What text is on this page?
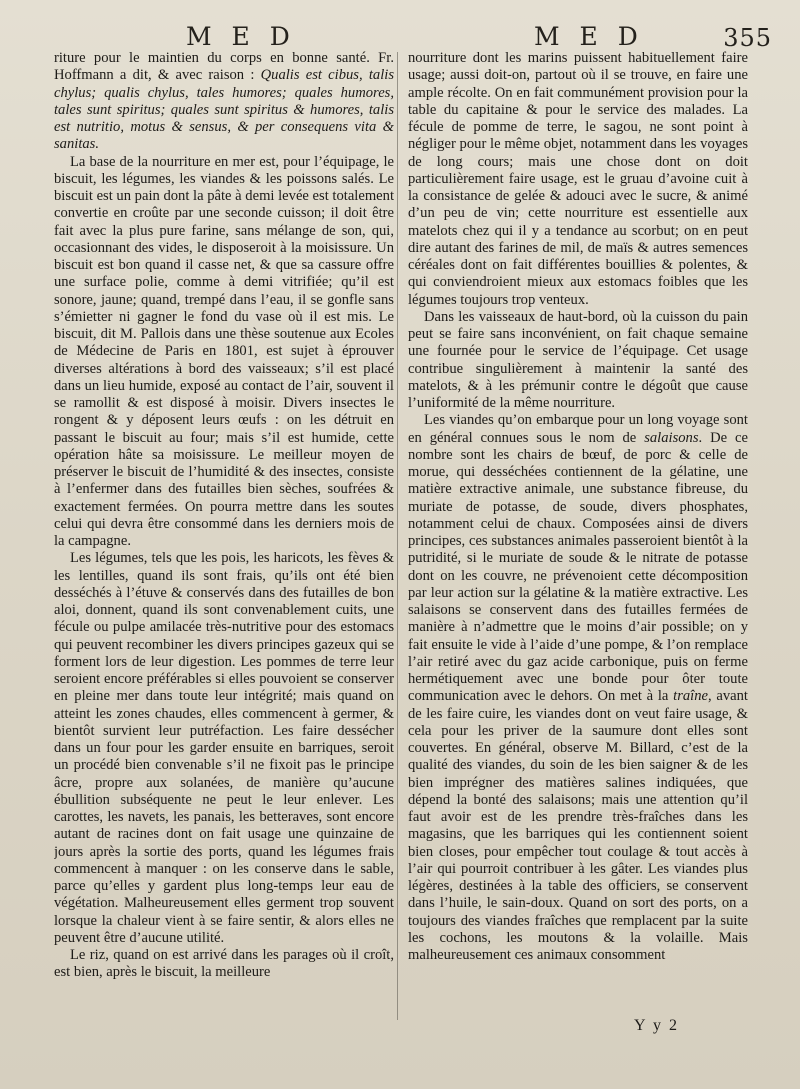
M E D	M E D	355

riture pour le maintien du corps en bonne santé. Fr. Hoffmann a dit, & avec raison : Qualis est cibus, talis chylus; qualis chylus, tales humores; quales humores, tales sunt spiritus; quales sunt spiritus & humores, talis est nutritio, motus & sensus, & per consequens vita & sanitas.

La base de la nourriture en mer est, pour l’équipage, le biscuit, les légumes, les viandes & les poissons salés. Le biscuit est un pain dont la pâte à demi levée est totalement convertie en croûte par une seconde cuisson; il doit être fait avec la plus pure farine, sans mélange de son, qui, occasionnant des vides, le disposeroit à la moisissure. Un biscuit est bon quand il casse net, & que sa cassure offre une surface polie, comme à demi vitrifiée; qu’il est sonore, jaune; quand, trempé dans l’eau, il se gonfle sans s’émietter ni gagner le fond du vase où il est mis. Le biscuit, dit M. Pallois dans une thèse soutenue aux Ecoles de Médecine de Paris en 1801, est sujet à éprouver diverses altérations à bord des vaisseaux; s’il est placé dans un lieu humide, exposé au contact de l’air, souvent il se ramollit & est disposé à moisir. Divers insectes le rongent & y déposent leurs œufs : on les détruit en passant le biscuit au four; mais s’il est humide, cette opération hâte sa moisissure. Le meilleur moyen de préserver le biscuit de l’humidité & des insectes, consiste à l’enfermer dans des futailles bien sèches, soufrées & exactement fermées. On pourra mettre dans les soutes celui qui devra être consommé dans les derniers mois de la campagne.

Les légumes, tels que les pois, les haricots, les fèves & les lentilles, quand ils sont frais, qu’ils ont été bien desséchés à l’étuve & conservés dans des futailles de bon aloi, donnent, quand ils sont convenablement cuits, une fécule ou pulpe amilacée très-nutritive pour des estomacs qui peuvent recombiner les divers principes gazeux qui se forment lors de leur digestion. Les pommes de terre leur seroient encore préférables si elles pouvoient se conserver en pleine mer dans toute leur intégrité; mais quand on atteint les zones chaudes, elles commencent à germer, & bientôt survient leur putréfaction. Les faire dessécher dans un four pour les garder ensuite en barriques, seroit un procédé bien convenable s’il ne fixoit pas le principe âcre, propre aux solanées, de manière qu’aucune ébullition subséquente ne peut le leur enlever. Les carottes, les navets, les panais, les betteraves, sont encore autant de racines dont on fait usage une quinzaine de jours après la sortie des ports, quand les légumes frais commencent à manquer : on les conserve dans le sable, parce qu’elles y gardent plus long-temps leur eau de végétation. Malheureusement elles germent trop souvent lorsque la chaleur vient à se faire sentir, & alors elles ne peuvent être d’aucune utilité.

Le riz, quand on est arrivé dans les parages où il croît, est bien, après le biscuit, la meilleure

nourriture dont les marins puissent habituellement faire usage; aussi doit-on, partout où il se trouve, en faire une ample récolte. On en fait communément provision pour la table du capitaine & pour le service des malades. La fécule de pomme de terre, le sagou, ne sont point à négliger pour le même objet, notamment dans les voyages de long cours; mais une chose dont on doit particulièrement faire usage, est le gruau d’avoine cuit à la consistance de gelée & adouci avec le sucre, & animé d’un peu de vin; cette nourriture est essentielle aux matelots chez qui il y a tendance au scorbut; on en peut dire autant des farines de mil, de maïs & autres semences céréales dont on fait différentes bouillies & polentes, & qui conviendroient mieux aux estomacs foibles que les légumes toujours trop venteux.

Dans les vaisseaux de haut-bord, où la cuisson du pain peut se faire sans inconvénient, on fait chaque semaine une fournée pour le service de l’équipage. Cet usage contribue singulièrement à maintenir la santé des matelots, & à les prémunir contre le dégoût que cause l’uniformité de la même nourriture.

Les viandes qu’on embarque pour un long voyage sont en général connues sous le nom de salaisons. De ce nombre sont les chairs de bœuf, de porc & celle de morue, qui desséchées contiennent de la gélatine, une matière extractive animale, une substance fibreuse, du muriate de potasse, de soude, divers phosphates, notamment celui de chaux. Composées ainsi de divers principes, ces substances animales passeroient bientôt à la putridité, si le muriate de soude & le nitrate de potasse dont on les couvre, ne prévenoient cette décomposition par leur action sur la gélatine & la matière extractive. Les salaisons se conservent dans des futailles fermées de manière à n’admettre que le moins d’air possible; on y fait ensuite le vide à l’aide d’une pompe, & l’on remplace l’air retiré avec du gaz acide carbonique, puis on ferme hermétiquement avec une bonde pour ôter toute communication avec le dehors. On met à la traîne, avant de les faire cuire, les viandes dont on veut faire usage, & cela pour les priver de la saumure dont elles sont couvertes. En général, observe M. Billard, c’est de la qualité des viandes, du soin de les bien saigner & de les bien imprégner des matières salines indiquées, que dépend la bonté des salaisons; mais une attention qu’il faut avoir est de les prendre très-fraîches dans les magasins, que les barriques qui les contiennent soient bien closes, pour empêcher tout coulage & tout accès à l’air qui pourroit contribuer à les gâter. Les viandes plus légères, destinées à la table des officiers, se conservent dans l’huile, le sain-doux. Quand on sort des ports, on a toujours des viandes fraîches que remplacent par la suite les cochons, les moutons & la volaille. Mais malheureusement ces animaux consomment

Y y 2
